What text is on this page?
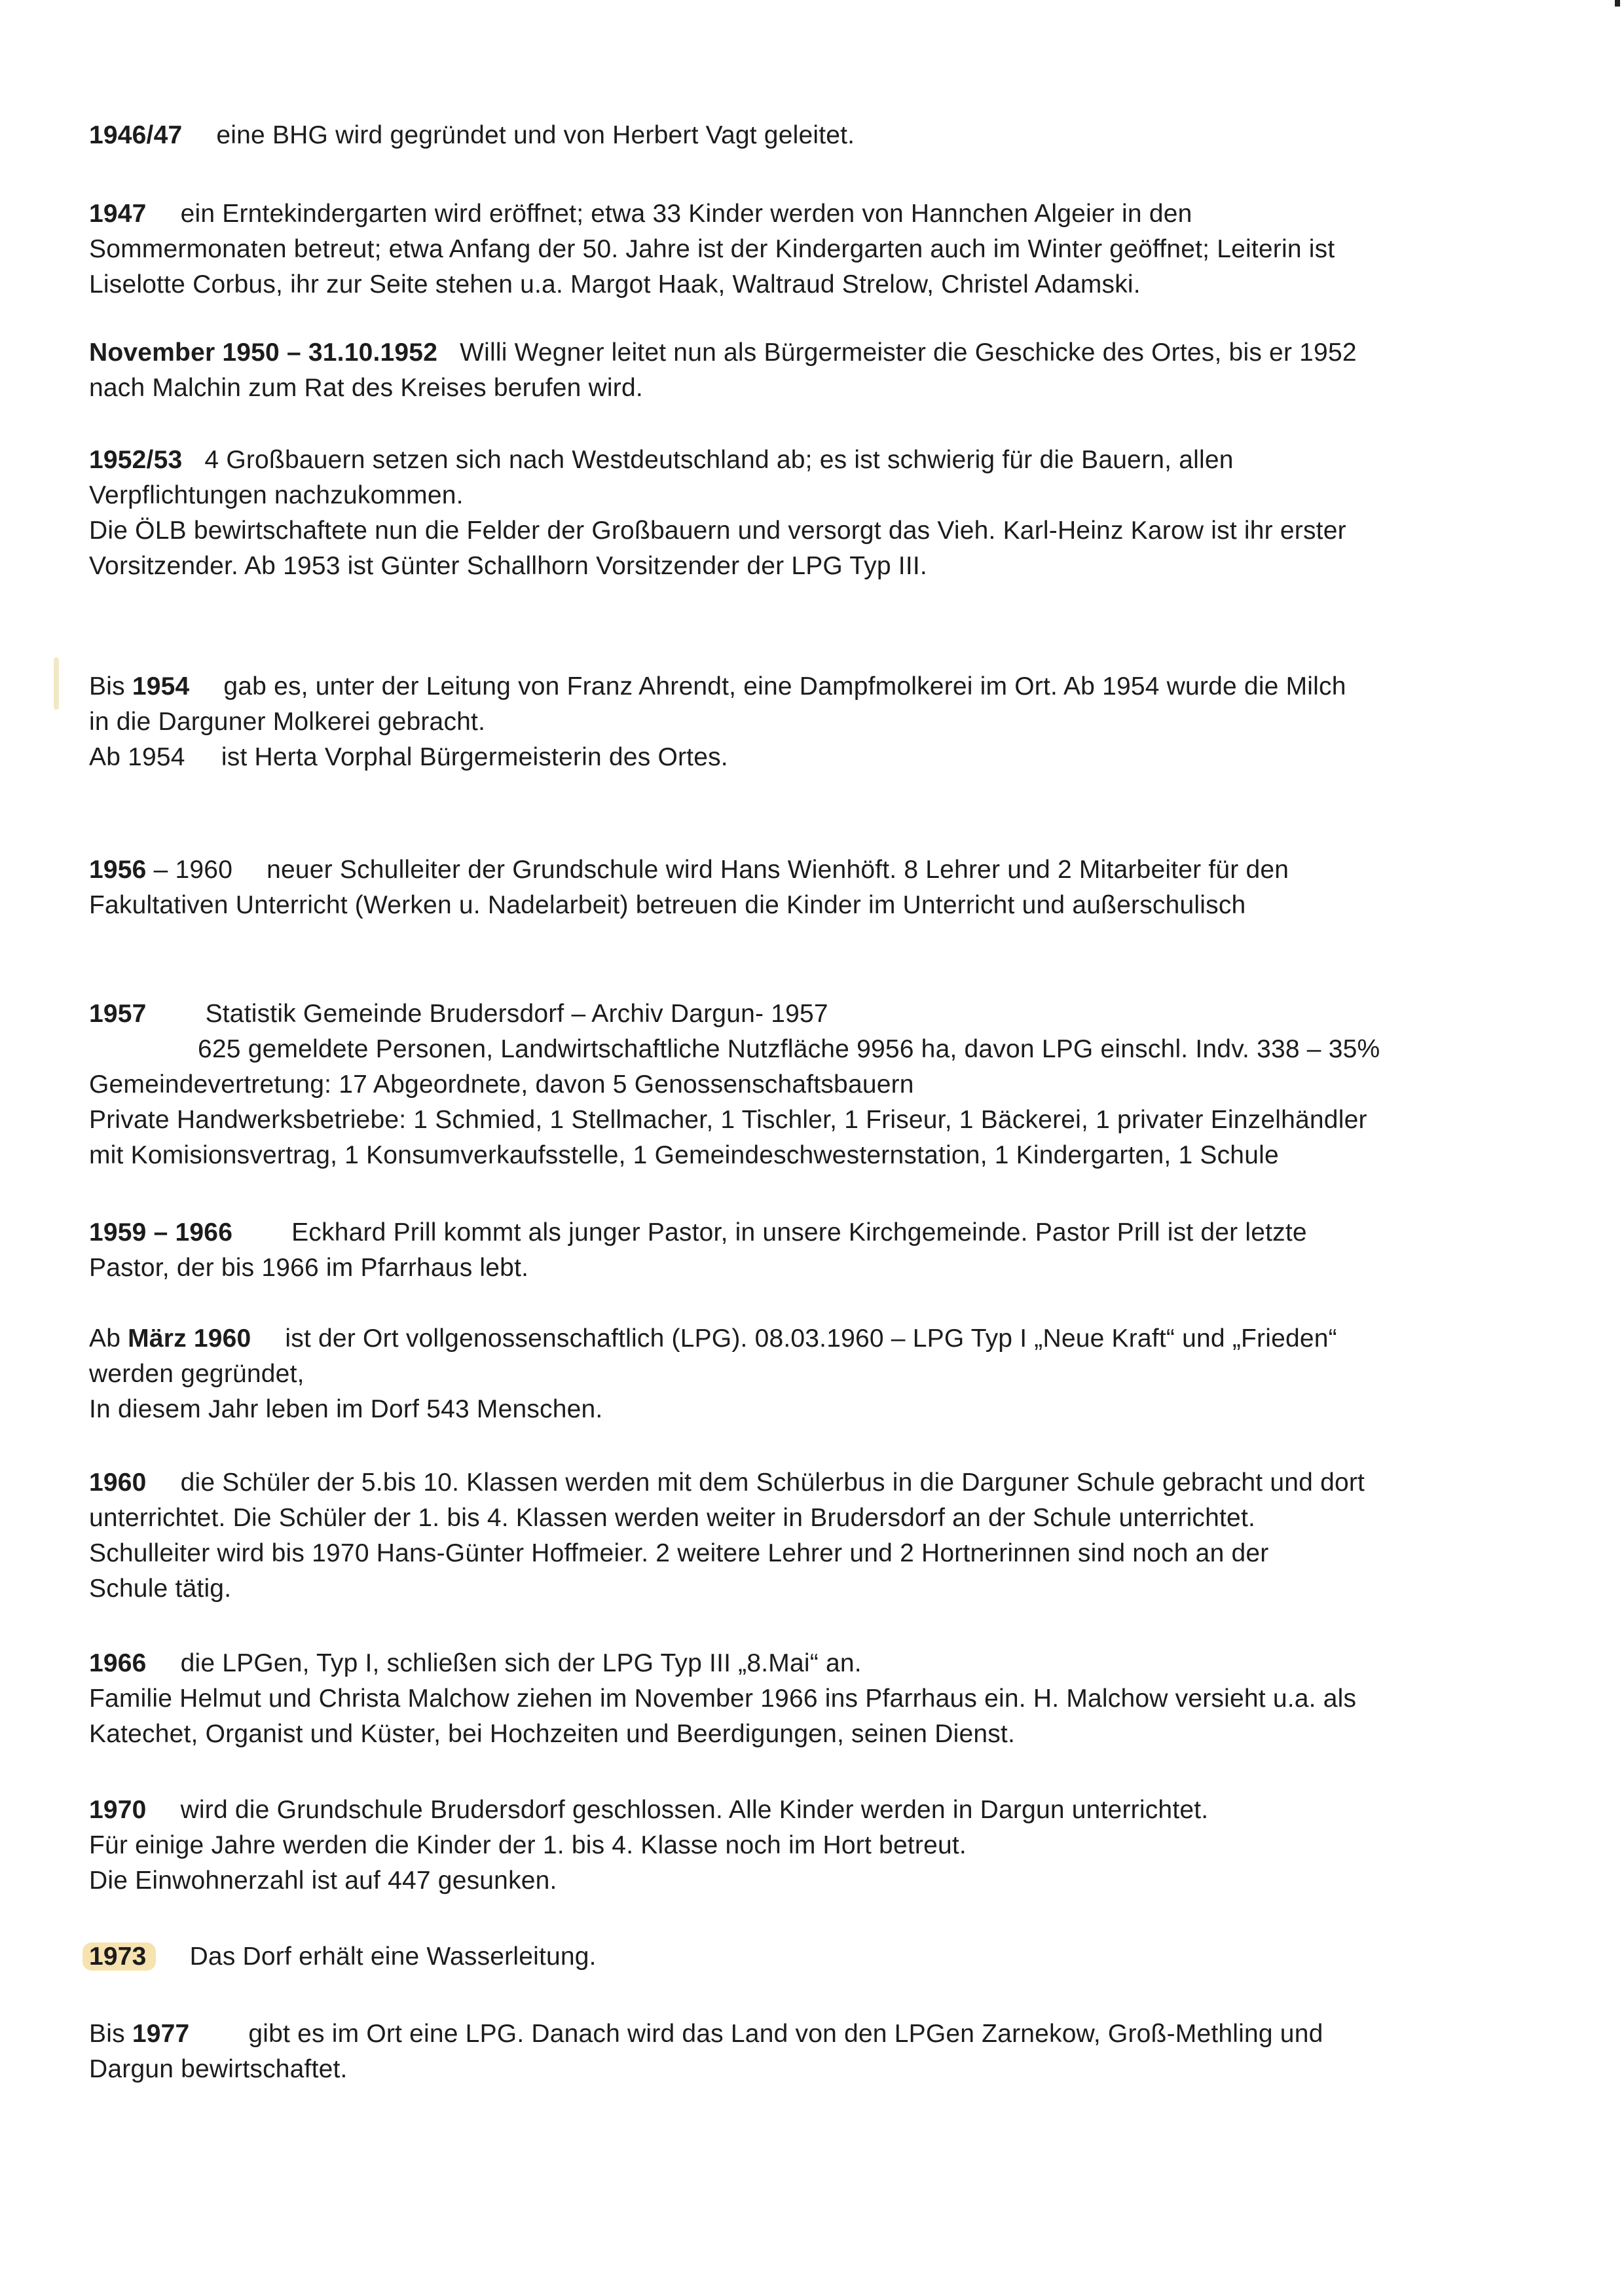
1946/47 eine BHG wird gegründet und von Herbert Vagt geleitet.
1947 ein Erntekindergarten wird eröffnet; etwa 33 Kinder werden von Hannchen Algeier in den
Sommermonaten betreut; etwa Anfang der 50. Jahre ist der Kindergarten auch im Winter geöffnet; Leiterin ist
Liselotte Corbus, ihr zur Seite stehen u.a. Margot Haak, Waltraud Strelow, Christel Adamski.
November 1950 – 31.10.1952 Willi Wegner leitet nun als Bürgermeister die Geschicke des Ortes, bis er 1952
nach Malchin zum Rat des Kreises berufen wird.
1952/53 4 Großbauern setzen sich nach Westdeutschland ab; es ist schwierig für die Bauern, allen
Verpflichtungen nachzukommen.
Die ÖLB bewirtschaftete nun die Felder der Großbauern und versorgt das Vieh. Karl-Heinz Karow ist ihr erster
Vorsitzender. Ab 1953 ist Günter Schallhorn Vorsitzender der LPG Typ III.
Bis 1954 gab es, unter der Leitung von Franz Ahrendt, eine Dampfmolkerei im Ort. Ab 1954 wurde die Milch
in die Darguner Molkerei gebracht.
Ab 1954     ist Herta Vorphal Bürgermeisterin des Ortes.
1956 – 1960 neuer Schulleiter der Grundschule wird Hans Wienhöft. 8 Lehrer und 2 Mitarbeiter für den
Fakultativen Unterricht (Werken u. Nadelarbeit) betreuen die Kinder im Unterricht und außerschulisch
1957 Statistik Gemeinde Brudersdorf – Archiv Dargun- 1957
625 gemeldete Personen, Landwirtschaftliche Nutzfläche 9956 ha, davon LPG einschl. Indv. 338 – 35%
Gemeindevertretung: 17 Abgeordnete, davon 5 Genossenschaftsbauern
Private Handwerksbetriebe: 1 Schmied, 1 Stellmacher, 1 Tischler, 1 Friseur, 1 Bäckerei, 1 privater Einzelhändler
mit Komisionsvertrag, 1 Konsumverkaufsstelle, 1 Gemeindeschwesternstation, 1 Kindergarten, 1 Schule
1959 – 1966 Eckhard Prill kommt als junger Pastor, in unsere Kirchgemeinde. Pastor Prill ist der letzte
Pastor, der bis 1966 im Pfarrhaus lebt.
Ab März 1960 ist der Ort vollgenossenschaftlich (LPG). 08.03.1960 – LPG Typ I „Neue Kraft“ und „Frieden“
werden gegründet,
In diesem Jahr leben im Dorf 543 Menschen.
1960 die Schüler der 5.bis 10. Klassen werden mit dem Schülerbus in die Darguner Schule gebracht und dort
unterrichtet. Die Schüler der 1. bis 4. Klassen werden weiter in Brudersdorf an der Schule unterrichtet.
Schulleiter wird bis 1970 Hans-Günter Hoffmeier. 2 weitere Lehrer und 2 Hortnerinnen sind noch an der
Schule tätig.
1966 die LPGen, Typ I, schließen sich der LPG Typ III „8.Mai“ an.
Familie Helmut und Christa Malchow ziehen im November 1966 ins Pfarrhaus ein. H. Malchow versieht u.a. als
Katechet, Organist und Küster, bei Hochzeiten und Beerdigungen, seinen Dienst.
1970 wird die Grundschule Brudersdorf geschlossen. Alle Kinder werden in Dargun unterrichtet.
Für einige Jahre werden die Kinder der 1. bis 4. Klasse noch im Hort betreut.
Die Einwohnerzahl ist auf 447 gesunken.
1973 Das Dorf erhält eine Wasserleitung.
Bis 1977 gibt es im Ort eine LPG. Danach wird das Land von den LPGen Zarnekow, Groß-Methling und
Dargun bewirtschaftet.
